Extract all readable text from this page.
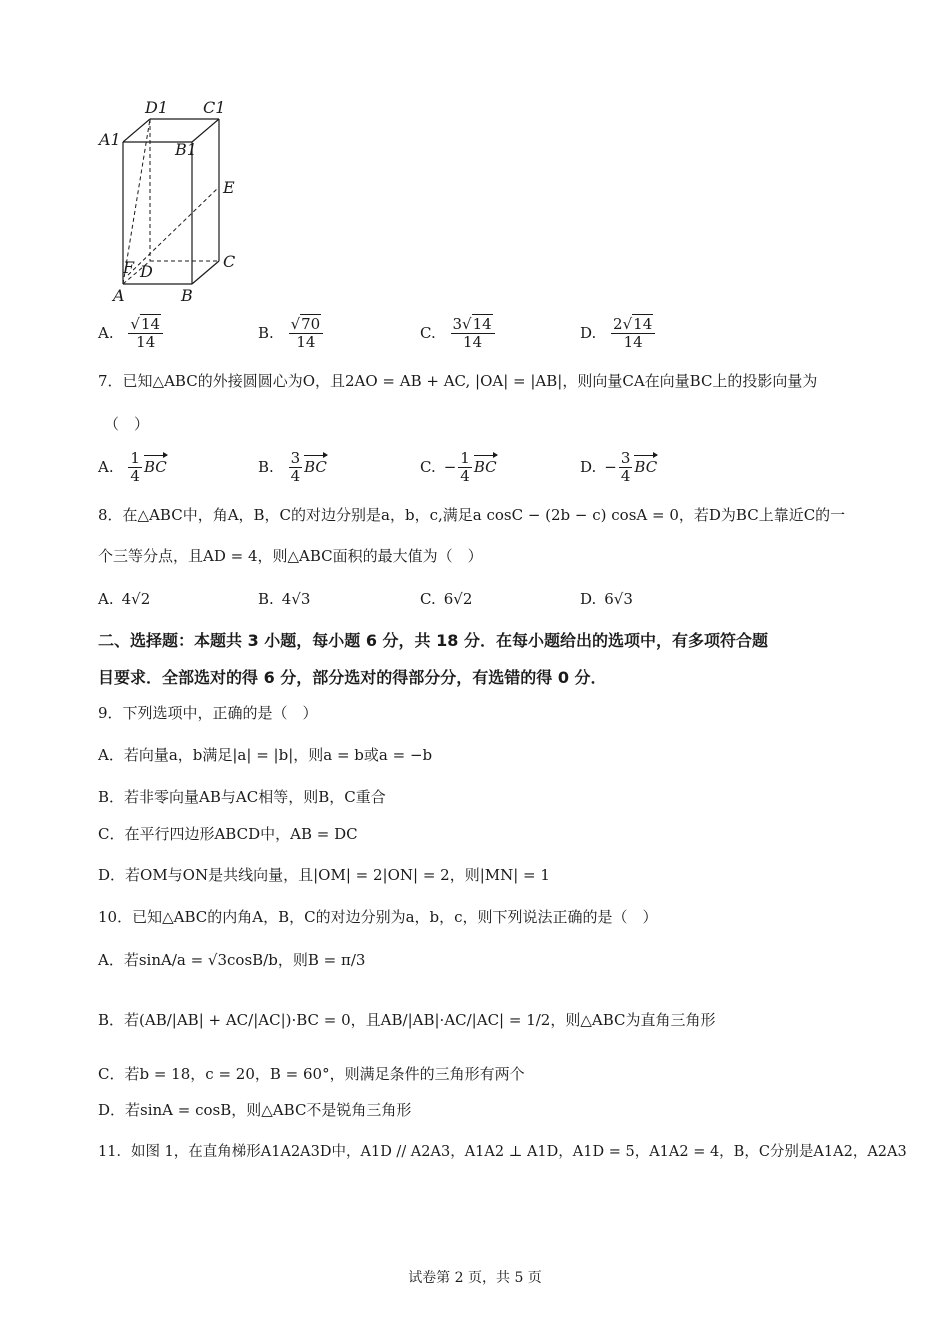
A1
D1 C1
B1
E
C
F D
A	B
A. $\frac{√14}{14}$	B. $\frac{√70}{14}$	C. $\frac{3√14}{14}$	D. $\frac{2√14}{14}$
7．已知△ABC的外接圆圆心为O，且2AO = AB + AC, |OA| = |AB|，则向量CA在向量BC上的投影向量为
（　）
A. $\frac{1}{4}$ BC	B. $\frac{3}{4}$ BC	C. − $\frac{1}{4}$ BC	D. − $\frac{3}{4}$ BC
8．在△ABC中，角A，B，C的对边分别是a，b，c,满足a cosC − (2b − c) cosA = 0，若D为BC上靠近C的一
个三等分点，且AD = 4，则△ABC面积的最大值为（　）
A. 4√2	B. 4√3	C. 6√2	D. 6√3
二、选择题：本题共 3 小题，每小题 6 分，共 18 分．在每小题给出的选项中，有多项符合题
目要求．全部选对的得 6 分，部分选对的得部分分，有选错的得 0 分．
9．下列选项中，正确的是（　）
A．若向量a，b满足|a| = |b|，则a = b或a = −b
B．若非零向量AB与AC相等，则B，C重合
C．在平行四边形ABCD中，AB = DC
D．若OM与ON是共线向量，且|OM| = 2|ON| = 2，则|MN| = 1
10．已知△ABC的内角A，B，C的对边分别为a，b，c，则下列说法正确的是（　）
A．若sinA/a = √3cosB/b，则B = π/3
B．若(AB/|AB| + AC/|AC|)·BC = 0，且AB/|AB|·AC/|AC| = 1/2，则△ABC为直角三角形
C．若b = 18，c = 20，B = 60°，则满足条件的三角形有两个
D．若sinA = cosB，则△ABC不是锐角三角形
11．如图 1，在直角梯形A1A2A3D中，A1D // A2A3，A1A2 ⊥ A1D，A1D = 5，A1A2 = 4，B，C分别是A1A2，A2A3
试卷第 2 页，共 5 页
